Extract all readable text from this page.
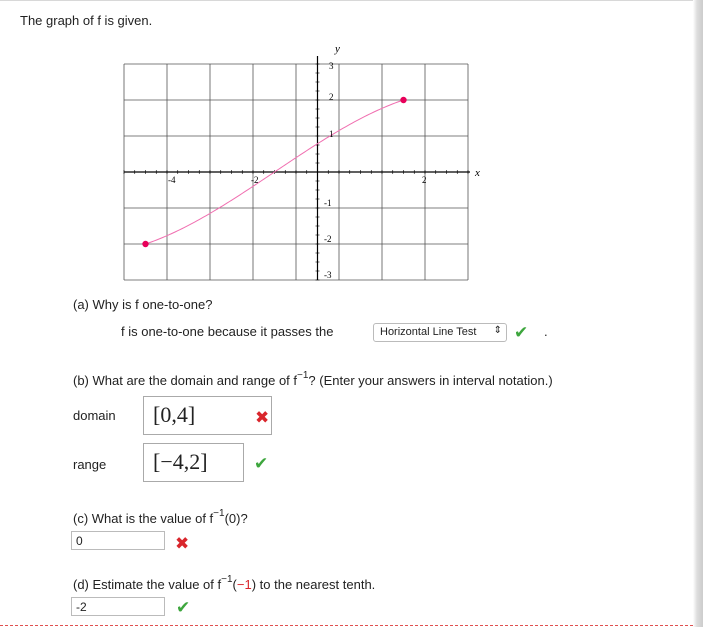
The graph of f is given.
y
x
-4	-2	2
3
2
1
-1
-2
-3
(a) Why is f one-to-one?
f is one-to-one because it passes the	Horizontal Line Test ⇕ ✔ .
(b) What are the domain and range of $f^{-1}$? (Enter your answers in interval notation.)
domain [0,4]	✖
range [−4,2]	✔
(c) What is the value of $f^{-1}(0)$?
0	✖
(d) Estimate the value of $f^{-1}(-1)$ to the nearest tenth.
-2	✔
